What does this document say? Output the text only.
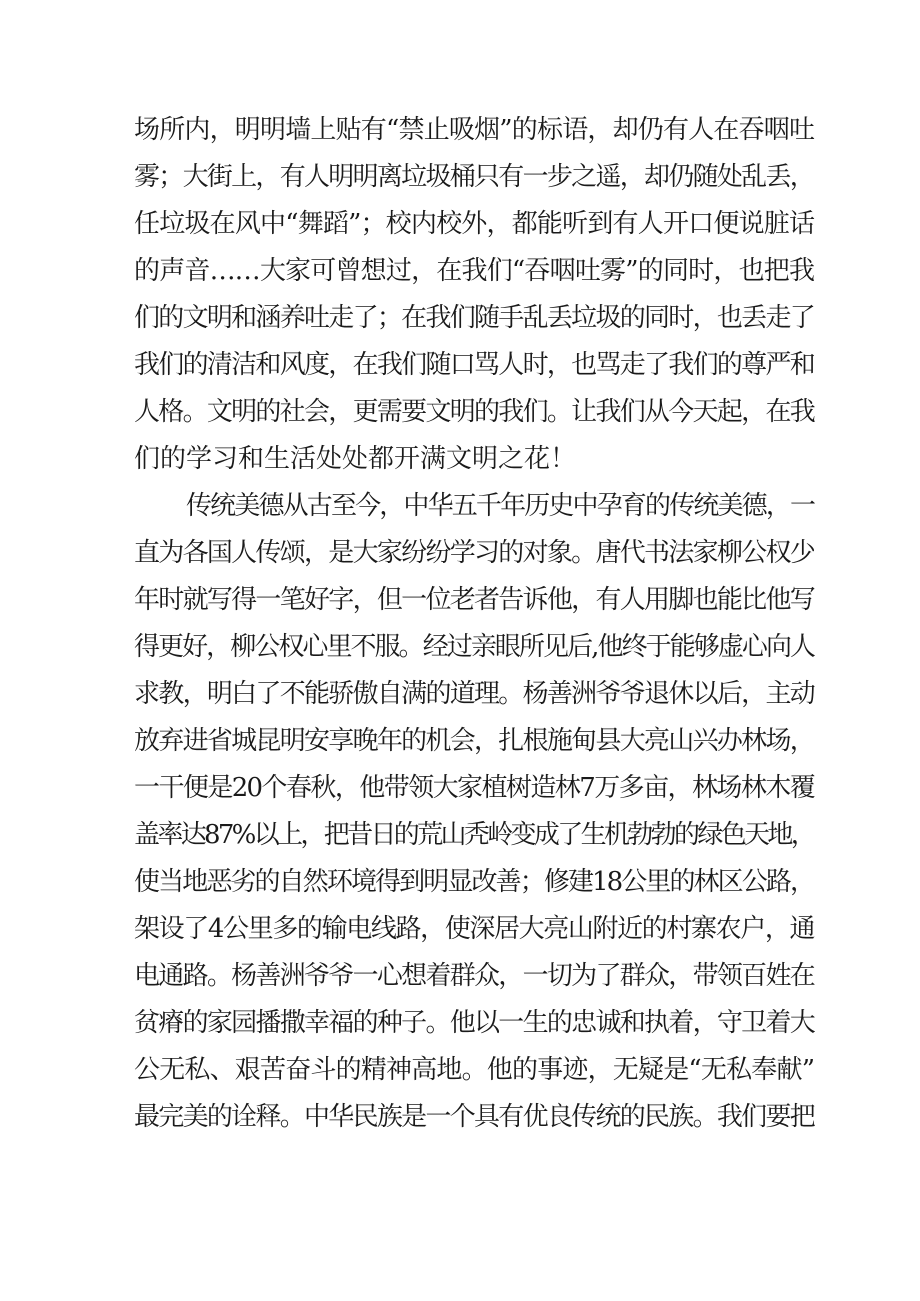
场所内，明明墙上贴有“禁止吸烟”的标语，却仍有人在吞咽吐
雾；大街上，有人明明离垃圾桶只有一步之遥，却仍随处乱丢，
任垃圾在风中“舞蹈”；校内校外，都能听到有人开口便说脏话
的声音……大家可曾想过，在我们“吞咽吐雾”的同时，也把我
们的文明和涵养吐走了；在我们随手乱丢垃圾的同时，也丢走了
我们的清洁和风度，在我们随口骂人时，也骂走了我们的尊严和
人格。文明的社会，更需要文明的我们。让我们从今天起，在我
们的学习和生活处处都开满文明之花！
传统美德从古至今，中华五千年历史中孕育的传统美德，一
直为各国人传颂，是大家纷纷学习的对象。唐代书法家柳公权少
年时就写得一笔好字，但一位老者告诉他，有人用脚也能比他写
得更好，柳公权心里不服。经过亲眼所见后,他终于能够虚心向人
求教，明白了不能骄傲自满的道理。杨善洲爷爷退休以后，主动
放弃进省城昆明安享晚年的机会，扎根施甸县大亮山兴办林场，
一干便是20个春秋，他带领大家植树造林7万多亩，林场林木覆
盖率达87%以上，把昔日的荒山秃岭变成了生机勃勃的绿色天地，
使当地恶劣的自然环境得到明显改善；修建18公里的林区公路，
架设了4公里多的输电线路，使深居大亮山附近的村寨农户，通
电通路。杨善洲爷爷一心想着群众，一切为了群众，带领百姓在
贫瘠的家园播撒幸福的种子。他以一生的忠诚和执着，守卫着大
公无私、艰苦奋斗的精神高地。他的事迹，无疑是“无私奉献”
最完美的诠释。中华民族是一个具有优良传统的民族。我们要把
